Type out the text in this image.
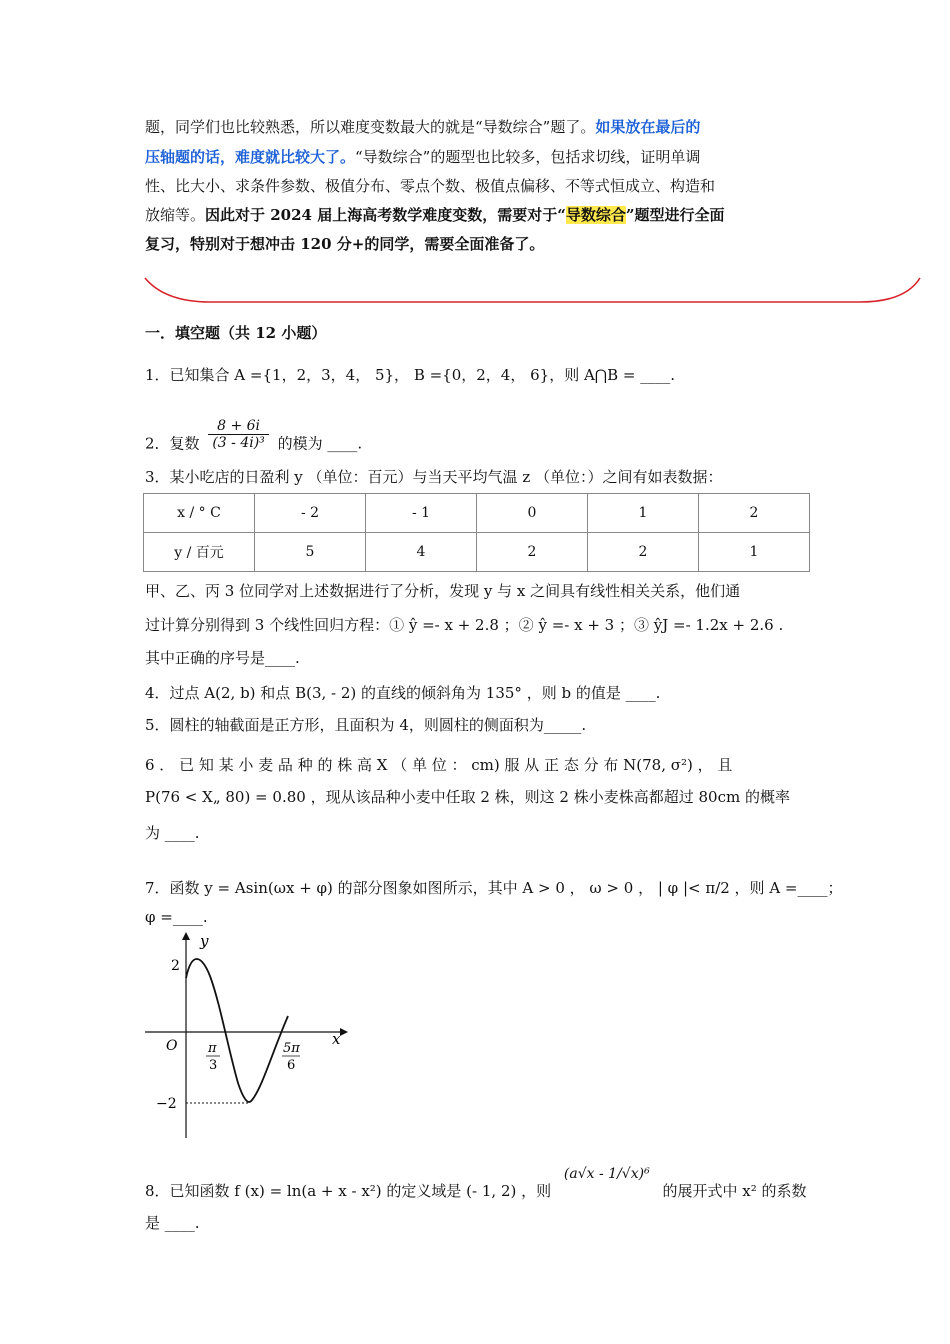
题，同学们也比较熟悉，所以难度变数最大的就是“导数综合”题了。如果放在最后的
压轴题的话，难度就比较大了。“导数综合”的题型也比较多，包括求切线，证明单调
性、比大小、求条件参数、极值分布、零点个数、极值点偏移、不等式恒成立、构造和
放缩等。因此对于 2024 届上海高考数学难度变数，需要对于“导数综合”题型进行全面
复习，特别对于想冲击 120 分+的同学，需要全面准备了。
一．填空题（共 12 小题）
1．已知集合 A ={1，2，3，4， 5}， B ={0，2，4， 6}，则 A⋂B = ____.
2．复数 $\frac{8 + 6i}{\text{(3 - 4i)³}}$ 的模为 ____.
3．某小吃店的日盈利 y （单位：百元）与当天平均气温 z （单位：）之间有如表数据：
x / ° C	- 2	- 1	0	1	2
y / 百元	5	4	2	2	1
甲、乙、丙 3 位同学对上述数据进行了分析，发现 y 与 x 之间具有线性相关关系，他们通
过计算分别得到 3 个线性回归方程：① ŷ =- x + 2.8 ；② ŷ =- x + 3 ；③ ŷJ =- 1.2x + 2.6 .
其中正确的序号是____.
4．过点 A(2, b) 和点 B(3, - 2) 的直线的倾斜角为 135° ，则 b 的值是 ____.
5．圆柱的轴截面是正方形，且面积为 4，则圆柱的侧面积为_____.
6 ． 已 知 某 小 麦 品 种 的 株 高 X （ 单 位 ： cm) 服 从 正 态 分 布 N(78, σ²) ， 且
P(76 < X„ 80) = 0.80 ，现从该品种小麦中任取 2 株，则这 2 株小麦株高都超过 80cm 的概率
为 ____.
7．函数 y = Asin(ωx + φ) 的部分图象如图所示，其中 A > 0 ， ω > 0 ， | φ |< π/2 ，则 A =____；
φ =____.
y
x
O
2
−2
π
3
5π
6
8．已知函数 f (x) = ln(a + x - x²) 的定义域是 (- 1, 2) ，则 (a√x - 1/√x)⁶ 的展开式中 x² 的系数
是 ____.
